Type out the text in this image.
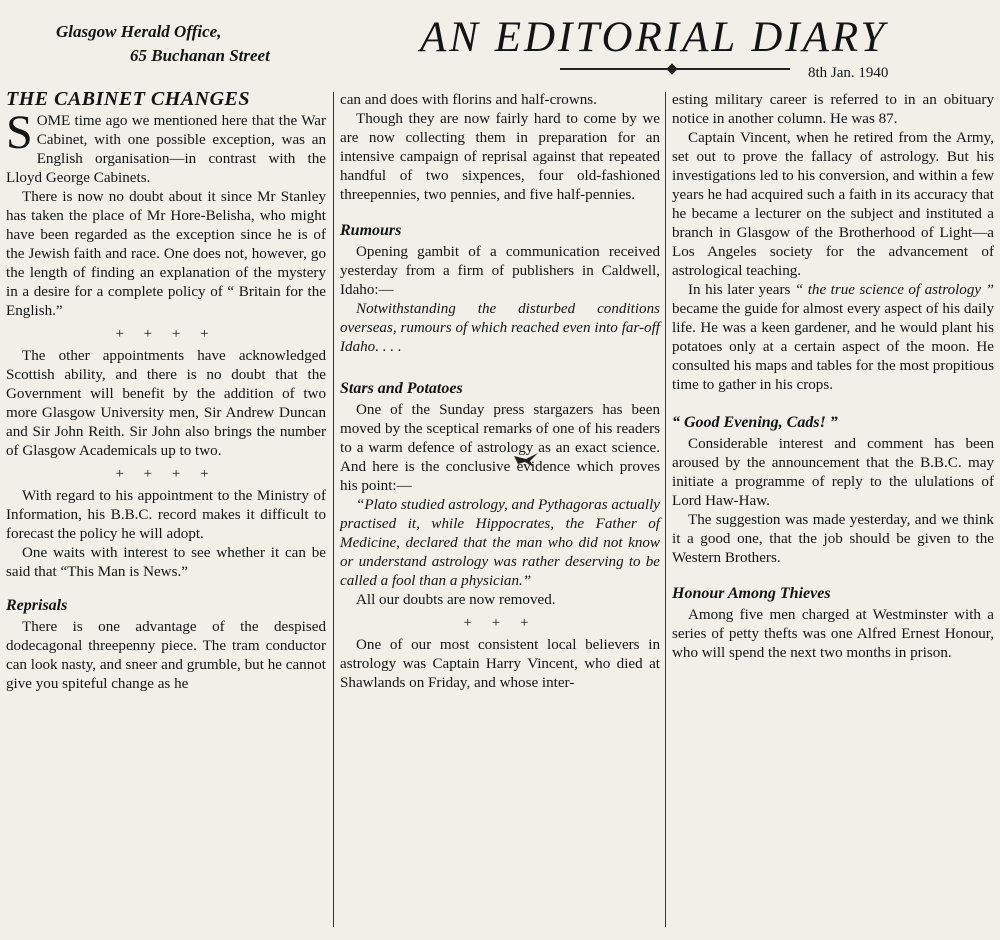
Glasgow Herald Office,
65 Buchanan Street	AN EDITORIAL DIARY
8th Jan. 1940
THE CABINET CHANGES

SOME time ago we mentioned here that the War Cabinet, with one possible exception, was an English organisation—in contrast with the Lloyd George Cabinets.

There is now no doubt about it since Mr Stanley has taken the place of Mr Hore-Belisha, who might have been regarded as the exception since he is of the Jewish faith and race. One does not, however, go the length of finding an explanation of the mystery in a desire for a complete policy of “ Britain for the English.”

+ + + +

The other appointments have acknowledged Scottish ability, and there is no doubt that the Government will benefit by the addition of two more Glasgow University men, Sir Andrew Duncan and Sir John Reith. Sir John also brings the number of Glasgow Academicals up to two.

+ + + +

With regard to his appointment to the Ministry of Information, his B.B.C. record makes it difficult to forecast the policy he will adopt.

One waits with interest to see whether it can be said that “This Man is News.”

Reprisals

There is one advantage of the despised dodecagonal threepenny piece. The tram conductor can look nasty, and sneer and grumble, but he cannot give you spiteful change as he

can and does with florins and half-crowns.

Though they are now fairly hard to come by we are now collecting them in preparation for an intensive campaign of reprisal against that repeated handful of two sixpences, four old-fashioned threepennies, two pennies, and five half-pennies.

Rumours

Opening gambit of a communication received yesterday from a firm of publishers in Caldwell, Idaho:—

Notwithstanding the disturbed conditions overseas, rumours of which reached even into far-off Idaho. . . .

Stars and Potatoes

One of the Sunday press stargazers has been moved by the sceptical remarks of one of his readers to a warm defence of astrology as an exact science. And here is the conclusive evidence which proves his point:—

“Plato studied astrology, and Pythagoras actually practised it, while Hippocrates, the Father of Medicine, declared that the man who did not know or understand astrology was rather deserving to be called a fool than a physician.”

All our doubts are now removed.

+ + +

One of our most consistent local believers in astrology was Captain Harry Vincent, who died at Shawlands on Friday, and whose inter-

esting military career is referred to in an obituary notice in another column. He was 87.

Captain Vincent, when he retired from the Army, set out to prove the fallacy of astrology. But his investigations led to his conversion, and within a few years he had acquired such a faith in its accuracy that he became a lecturer on the subject and instituted a branch in Glasgow of the Brotherhood of Light—a Los Angeles society for the advancement of astrological teaching.

In his later years “ the true science of astrology ” became the guide for almost every aspect of his daily life. He was a keen gardener, and he would plant his potatoes only at a certain aspect of the moon. He consulted his maps and tables for the most propitious time to gather in his crops.

“ Good Evening, Cads! ”

Considerable interest and comment has been aroused by the announcement that the B.B.C. may initiate a programme of reply to the ululations of Lord Haw-Haw.

The suggestion was made yesterday, and we think it a good one, that the job should be given to the Western Brothers.

Honour Among Thieves

Among five men charged at Westminster with a series of petty thefts was one Alfred Ernest Honour, who will spend the next two months in prison.
